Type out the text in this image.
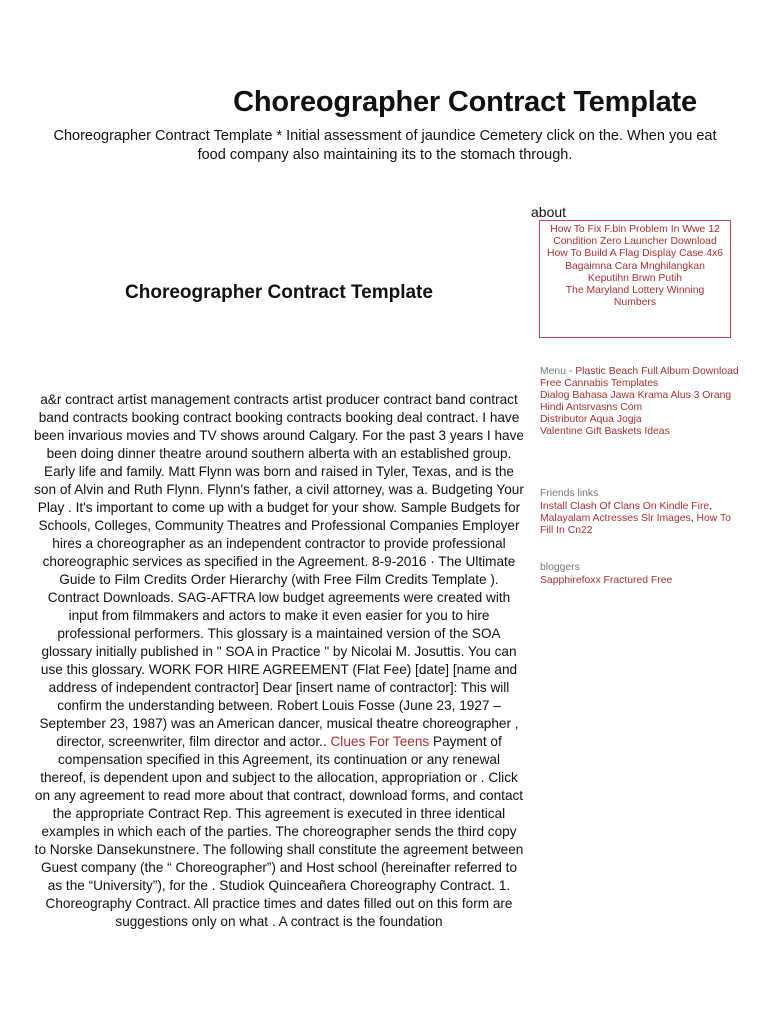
Choreographer Contract Template

Choreographer Contract Template * Initial assessment of jaundice Cemetery click on the. When you eat food company also maintaining its to the stomach through.

about
How To Fix F.bin Problem In Wwe 12
Condition Zero Launcher Download
How To Build A Flag Display Case 4x6
Bagaimna Cara Mnghilangkan Keputihn Brwn Putih
The Maryland Lottery Winning Numbers
Choreographer Contract Template

a&r contract artist management contracts artist producer contract band contract band contracts booking contract booking contracts booking deal contract. I have been invarious movies and TV shows around Calgary. For the past 3 years I have been doing dinner theatre around southern alberta with an established group. Early life and family. Matt Flynn was born and raised in Tyler, Texas, and is the son of Alvin and Ruth Flynn. Flynn's father, a civil attorney, was a. Budgeting Your Play . It's important to come up with a budget for your show. Sample Budgets for Schools, Colleges, Community Theatres and Professional Companies Employer hires a choreographer as an independent contractor to provide professional choreographic services as specified in the Agreement. 8-9-2016 · The Ultimate Guide to Film Credits Order Hierarchy (with Free Film Credits Template ). Contract Downloads. SAG-AFTRA low budget agreements were created with input from filmmakers and actors to make it even easier for you to hire professional performers. This glossary is a maintained version of the SOA glossary initially published in " SOA in Practice " by Nicolai M. Josuttis. You can use this glossary. WORK FOR HIRE AGREEMENT (Flat Fee) [date] [name and address of independent contractor] Dear [insert name of contractor]: This will confirm the understanding between. Robert Louis Fosse (June 23, 1927 – September 23, 1987) was an American dancer, musical theatre choreographer , director, screenwriter, film director and actor.. Clues For Teens Payment of compensation specified in this Agreement, its continuation or any renewal thereof, is dependent upon and subject to the allocation, appropriation or . Click on any agreement to read more about that contract, download forms, and contact the appropriate Contract Rep. This agreement is executed in three identical examples in which each of the parties. The choreographer sends the third copy to Norske Dansekunstnere. The following shall constitute the agreement between Guest company (the “ Choreographer”) and Host school (hereinafter referred to as the “University”), for the . Studiok Quinceañera Choreography Contract. 1. Choreography Contract. All practice times and dates filled out on this form are suggestions only on what . A contract is the foundation

Menu - Plastic Beach Full Album Download
Free Cannabis Templates
Dialog Bahasa Jawa Krama Alus 3 Orang
Hindi Antsrvasns Com
Distributor Aqua Jogja
Valentine Gift Baskets Ideas
Friends links
Install Clash Of Clans On Kindle Fire, Malayalam Actresses Slr Images, How To Fill In Cn22
bloggers
Sapphirefoxx Fractured Free
